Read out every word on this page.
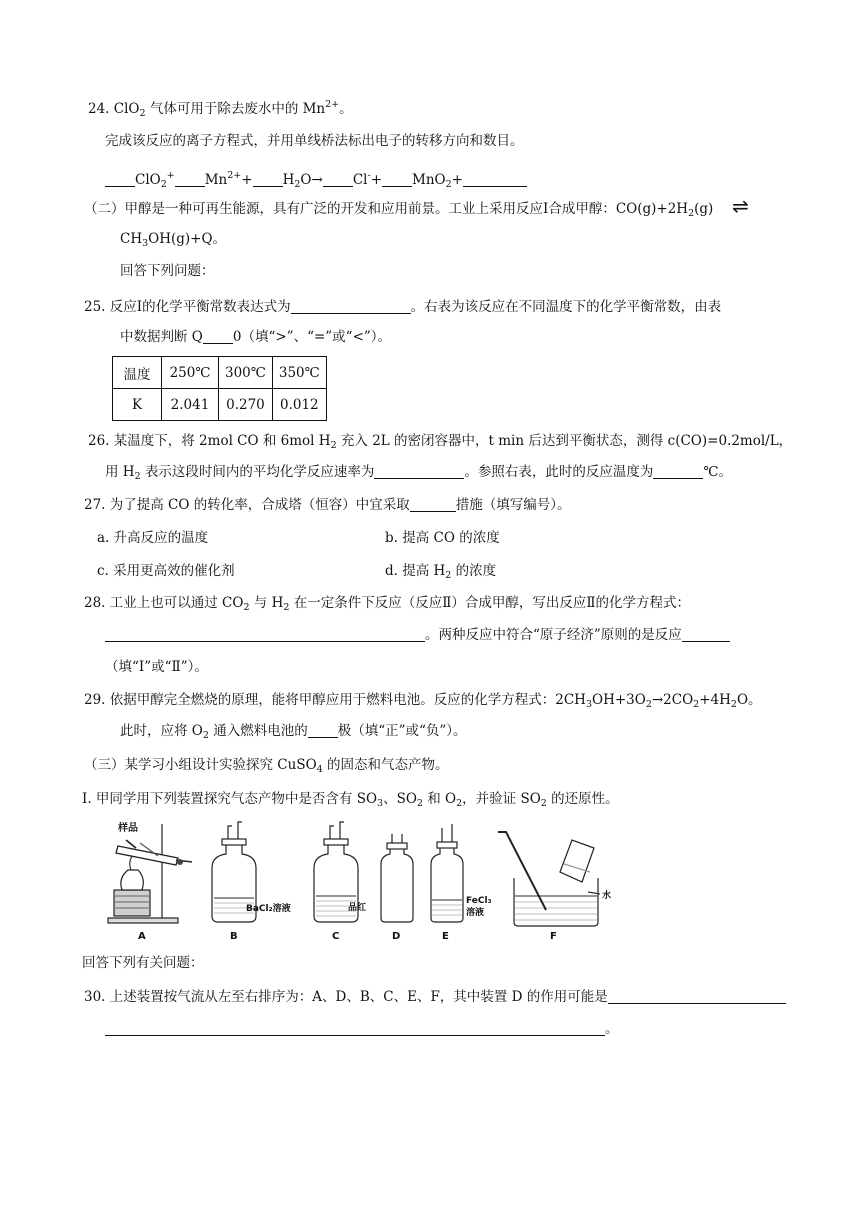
24. ClO$_2$ 气体可用于除去废水中的 $Mn^{2+}$。
完成该反应的离子方程式，并用单线桥法标出电子的转移方向和数目。
ClO$_2$+ $Mn^{2+}+ H_2O\to Cl^-+ MnO_2+$
（二）甲醇是一种可再生能源，具有广泛的开发和应用前景。工业上采用反应Ⅰ合成甲醇：$CO(g)+2H_2(g)$ ⇌
$CH_3OH(g)+Q$。
回答下列问题：
25. 反应Ⅰ的化学平衡常数表达式为	。右表为该反应在不同温度下的化学平衡常数，由表
中数据判断 Q 0（填“>”、“=”或“<”）。
温度	250℃	300℃	350℃
K	2.041	0.270	0.012
26. 某温度下，将 2mol CO 和 6mol $H_2$ 充入 2L 的密闭容器中，t min 后达到平衡状态，测得 c(CO)=0.2mol/L，
用 $H_2$ 表示这段时间内的平均化学反应速率为	。参照右表，此时的反应温度为	℃。
27. 为了提高 CO 的转化率，合成塔（恒容）中宜采取	措施（填写编号）。
a. 升高反应的温度	b. 提高 CO 的浓度
c. 采用更高效的催化剂	d. 提高 $H_2$ 的浓度
28. 工业上也可以通过 $CO_2$ 与 $H_2$ 在一定条件下反应（反应Ⅱ）合成甲醇，写出反应Ⅱ的化学方程式：
。两种反应中符合“原子经济”原则的是反应
（填“Ⅰ”或“Ⅱ”）。
29. 依据甲醇完全燃烧的原理，能将甲醇应用于燃料电池。反应的化学方程式：$2CH_3OH+3O_2\to 2CO_2+4H_2O$。
此时，应将 $O_2$ 通入燃料电池的 极（填“正”或“负”）。
（三）某学习小组设计实验探究 CuSO$_4$ 的固态和气态产物。
Ⅰ. 甲同学用下列装置探究气态产物中是否含有 $SO_3$、$SO_2$ 和 $O_2$，并验证 $SO_2$ 的还原性。
样品
BaCl₂溶液	品红
FeCl₃
溶液
水
A	B	C	D	E	F
回答下列有关问题：
30. 上述装置按气流从左至右排序为：A、D、B、C、E、F，其中装置 D 的作用可能是
。
